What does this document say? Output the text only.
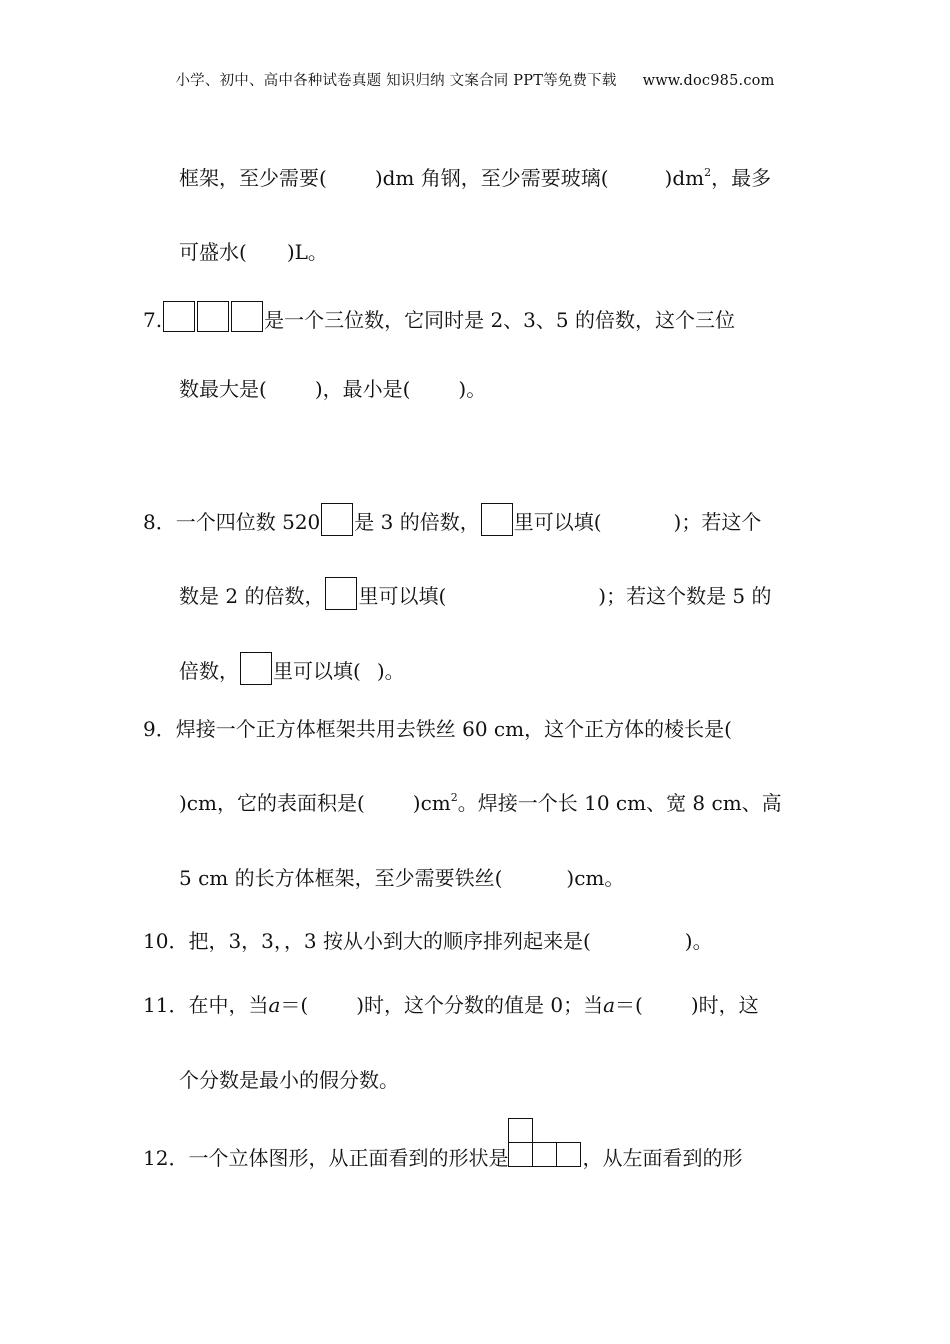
小学、初中、高中各种试卷真题 知识归纳 文案合同 PPT等免费下载 www.doc985.com
框架，至少需要( )dm 角钢，至少需要玻璃(	)$dm^2$，最多
可盛水( )L。
7.	是一个三位数，它同时是 2、3、5 的倍数，这个三位
数最大是( )，最小是( )。
8．一个四位数 520 是 3 的倍数， 里可以填(	)；若这个
数是 2 的倍数， 里可以填(	)；若这个数是 5 的
倍数， 里可以填( )。
9．焊接一个正方体框架共用去铁丝 60 cm，这个正方体的棱长是(
)cm，它的表面积是( )$cm^2$。焊接一个长 10 cm、宽 8 cm、高
5 cm 的长方体框架，至少需要铁丝(	)cm。
10．把，3，3，，3 按从小到大的顺序排列起来是(	)。
11．在中，当a＝( )时，这个分数的值是 0；当a＝( )时，这
个分数是最小的假分数。
12．一个立体图形，从正面看到的形状是	，从左面看到的形
